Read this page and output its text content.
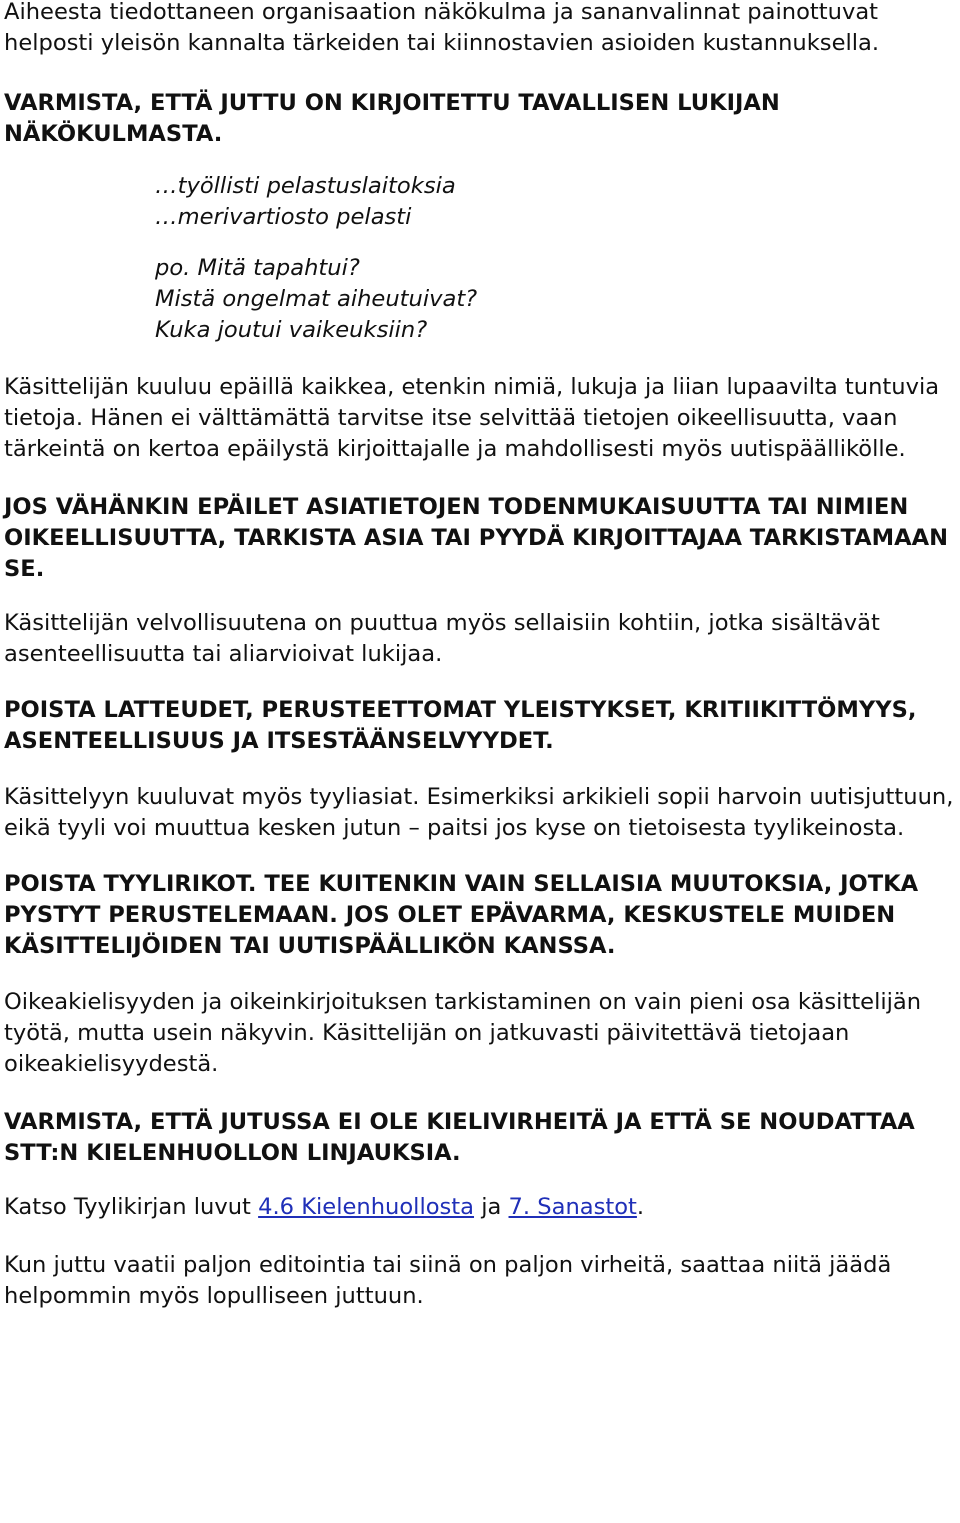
Aiheesta tiedottaneen organisaation näkökulma ja sananvalinnat painottuvat helposti yleisön kannalta tärkeiden tai kiinnostavien asioiden kustannuksella.

VARMISTA, ETTÄ JUTTU ON KIRJOITETTU TAVALLISEN LUKIJAN NÄKÖKULMASTA.

…työllisti pelastuslaitoksia

…merivartiosto pelasti

po. Mitä tapahtui?

Mistä ongelmat aiheutuivat?

Kuka joutui vaikeuksiin?

Käsittelijän kuuluu epäillä kaikkea, etenkin nimiä, lukuja ja liian lupaavilta tuntuvia tietoja. Hänen ei välttämättä tarvitse itse selvittää tietojen oikeellisuutta, vaan tärkeintä on kertoa epäilystä kirjoittajalle ja mahdollisesti myös uutispäällikölle.

JOS VÄHÄNKIN EPÄILET ASIATIETOJEN TODENMUKAISUUTTA TAI NIMIEN OIKEELLISUUTTA, TARKISTA ASIA TAI PYYDÄ KIRJOITTAJAA TARKISTAMAAN SE.

Käsittelijän velvollisuutena on puuttua myös sellaisiin kohtiin, jotka sisältävät asenteellisuutta tai aliarvioivat lukijaa.

POISTA LATTEUDET, PERUSTEETTOMAT YLEISTYKSET, KRITIIKITTÖMYYS, ASENTEELLISUUS JA ITSESTÄÄNSELVYYDET.

Käsittelyyn kuuluvat myös tyyliasiat. Esimerkiksi arkikieli sopii harvoin uutisjuttuun, eikä tyyli voi muuttua kesken jutun – paitsi jos kyse on tietoisesta tyylikeinosta.

POISTA TYYLIRIKOT. TEE KUITENKIN VAIN SELLAISIA MUUTOKSIA, JOTKA PYSTYT PERUSTELEMAAN. JOS OLET EPÄVARMA, KESKUSTELE MUIDEN KÄSITTELIJÖIDEN TAI UUTISPÄÄLLIKÖN KANSSA.

Oikeakielisyyden ja oikeinkirjoituksen tarkistaminen on vain pieni osa käsittelijän työtä, mutta usein näkyvin. Käsittelijän on jatkuvasti päivitettävä tietojaan oikeakielisyydestä.

VARMISTA, ETTÄ JUTUSSA EI OLE KIELIVIRHEITÄ JA ETTÄ SE NOUDATTAA STT:N KIELENHUOLLON LINJAUKSIA.

Katso Tyylikirjan luvut 4.6 Kielenhuollosta ja 7. Sanastot.

Kun juttu vaatii paljon editointia tai siinä on paljon virheitä, saattaa niitä jäädä helpommin myös lopulliseen juttuun.
